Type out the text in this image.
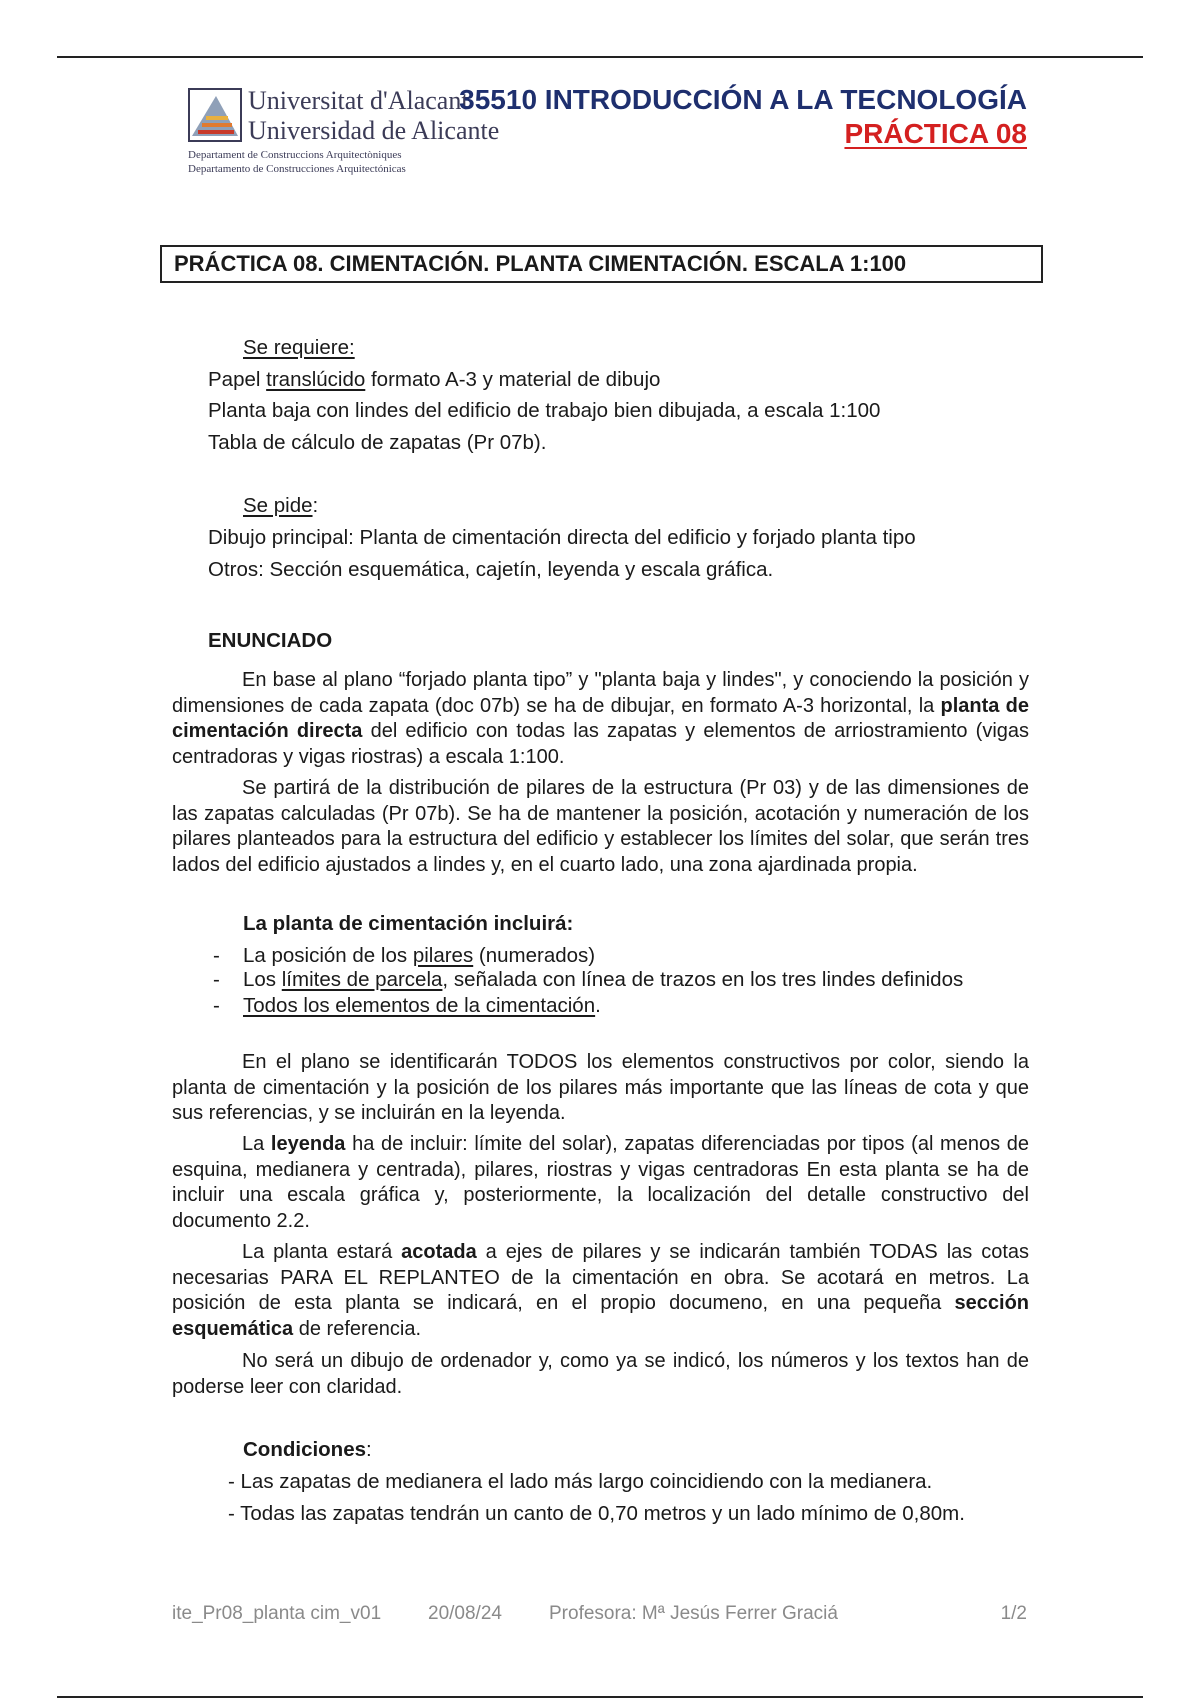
Universitat d'Alacant
Universidad de Alicante
Departament de Construccions Arquitectòniques
Departamento de Construcciones Arquitectónicas
35510 INTRODUCCIÓN A LA TECNOLOGÍA
PRÁCTICA 08
PRÁCTICA 08. CIMENTACIÓN. PLANTA CIMENTACIÓN. ESCALA 1:100
Se requiere:
Papel translúcido formato A-3 y material de dibujo
Planta baja con lindes del edificio de trabajo bien dibujada, a escala 1:100
Tabla de cálculo de zapatas (Pr 07b).
Se pide:
Dibujo principal: Planta de cimentación directa del edificio y forjado planta tipo
Otros: Sección esquemática, cajetín, leyenda y escala gráfica.
ENUNCIADO
En base al plano “forjado planta tipo” y "planta baja y lindes", y conociendo la posición y dimensiones de cada zapata (doc 07b) se ha de dibujar, en formato A-3 horizontal, la planta de cimentación directa del edificio con todas las zapatas y elementos de arriostramiento (vigas centradoras y vigas riostras) a escala 1:100.
Se partirá de la distribución de pilares de la estructura (Pr 03) y de las dimensiones de las zapatas calculadas (Pr 07b). Se ha de mantener la posición, acotación y numeración de los pilares planteados para la estructura del edificio y establecer los límites del solar, que serán tres lados del edificio ajustados a lindes y, en el cuarto lado, una zona ajardinada propia.
La planta de cimentación incluirá:
- La posición de los pilares (numerados)
- Los límites de parcela, señalada con línea de trazos en los tres lindes definidos
- Todos los elementos de la cimentación.
En el plano se identificarán TODOS los elementos constructivos por color, siendo la planta de cimentación y la posición de los pilares más importante que las líneas de cota y que sus referencias, y se incluirán en la leyenda.
La leyenda ha de incluir: límite del solar), zapatas diferenciadas por tipos (al menos de esquina, medianera y centrada), pilares, riostras y vigas centradoras En esta planta se ha de incluir una escala gráfica y, posteriormente, la localización del detalle constructivo del documento 2.2.
La planta estará acotada a ejes de pilares y se indicarán también TODAS las cotas necesarias PARA EL REPLANTEO de la cimentación en obra. Se acotará en metros. La posición de esta planta se indicará, en el propio documeno, en una pequeña sección esquemática de referencia.
No será un dibujo de ordenador y, como ya se indicó, los números y los textos han de poderse leer con claridad.
Condiciones:
- Las zapatas de medianera el lado más largo coincidiendo con la medianera.
- Todas las zapatas tendrán un canto de 0,70 metros y un lado mínimo de 0,80m.
ite_Pr08_planta cim_v01 20/08/24 Profesora: Mª Jesús Ferrer Graciá	1/2
